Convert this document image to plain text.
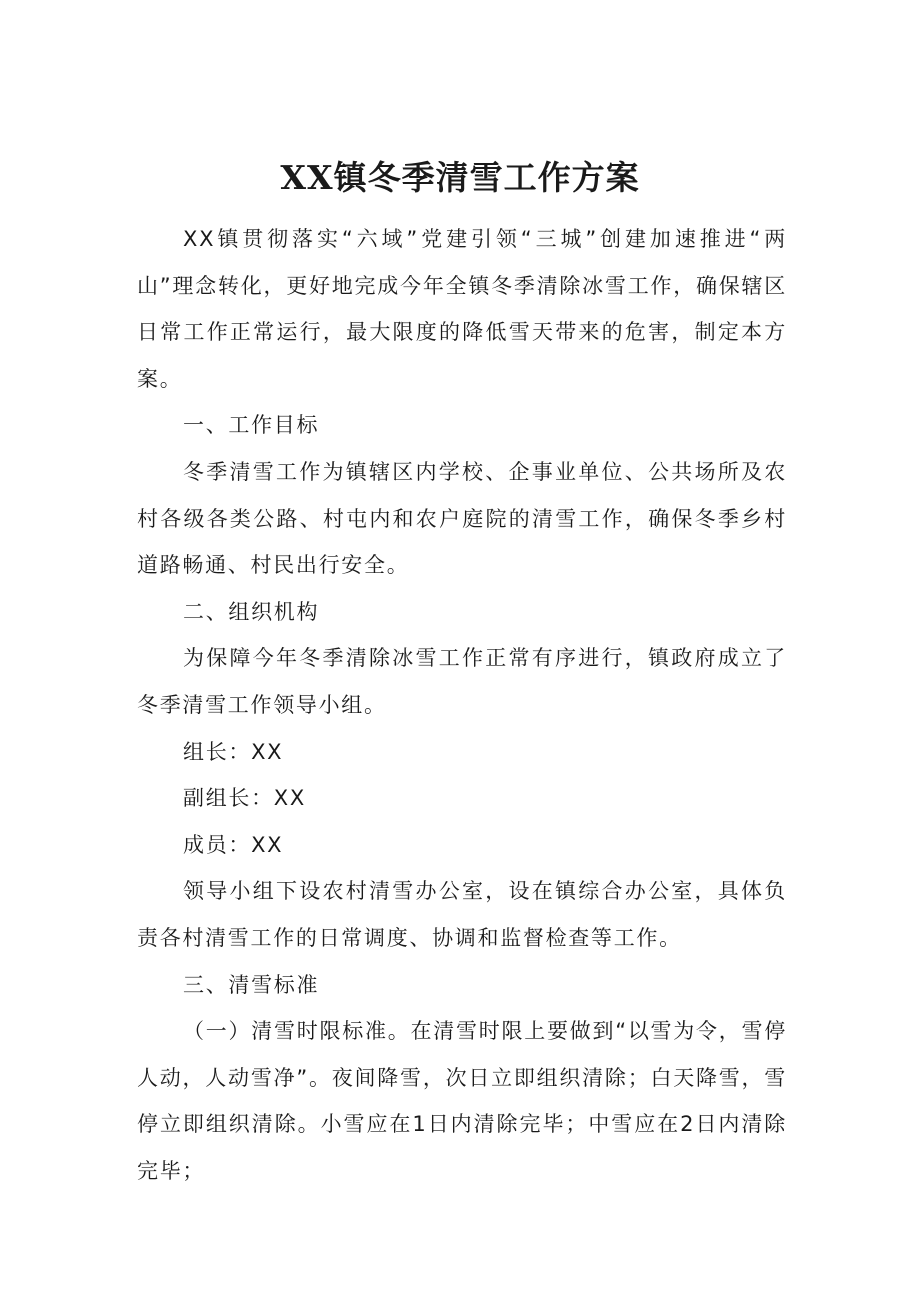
XX镇冬季清雪工作方案

XX镇贯彻落实“六域”党建引领“三城”创建加速推进“两山”理念转化，更好地完成今年全镇冬季清除冰雪工作，确保辖区日常工作正常运行，最大限度的降低雪天带来的危害，制定本方案。

一、工作目标

冬季清雪工作为镇辖区内学校、企事业单位、公共场所及农村各级各类公路、村屯内和农户庭院的清雪工作，确保冬季乡村道路畅通、村民出行安全。

二、组织机构

为保障今年冬季清除冰雪工作正常有序进行，镇政府成立了冬季清雪工作领导小组。

组长：XX

副组长：XX

成员：XX

领导小组下设农村清雪办公室，设在镇综合办公室，具体负责各村清雪工作的日常调度、协调和监督检查等工作。

三、清雪标准

（一）清雪时限标准。在清雪时限上要做到“以雪为令，雪停人动，人动雪净”。夜间降雪，次日立即组织清除；白天降雪，雪停立即组织清除。小雪应在1日内清除完毕；中雪应在2日内清除完毕；
